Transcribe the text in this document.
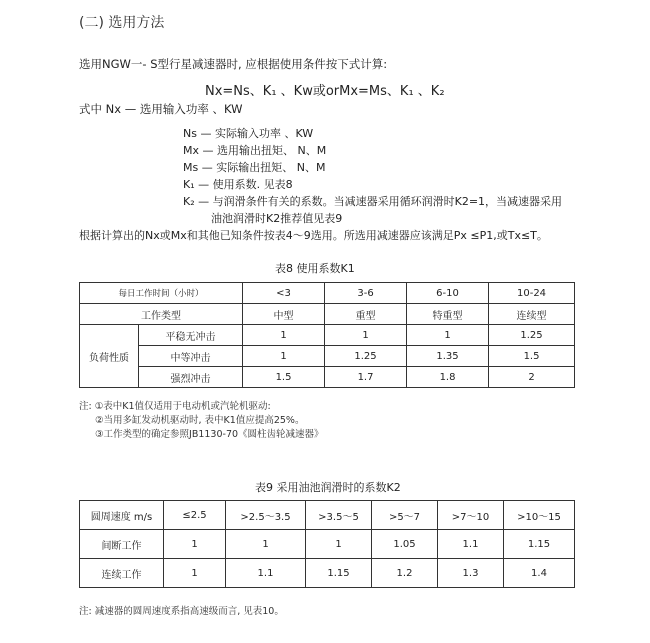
(二) 选用方法
选用NGW一- S型行星减速器时, 应根据使用条件按下式计算:
Nx=Ns、K₁ 、Kw或orMx=Ms、K₁ 、K₂
式中 Nx — 选用输入功率 、KW
Ns — 实际输入功率 、KW
Mx — 选用输出扭矩、 N、M
Ms — 实际输出扭矩、 N、M
K₁ — 使用系数. 见表8
K₂ — 与润滑条件有关的系数。当减速器采用循环润滑时K2=1，当减速器采用
油池润滑时K2推荐值见表9
根据计算出的Nx或Mx和其他已知条件按表4～9选用。所选用减速器应该满足Px ≤P1,或Tx≤T。
表8 使用系数K1
每日工作时间（小时）		<3	3-6	6-10	10-24
工作类型		中型	重型	特重型	连续型
负荷性质	平稳无冲击	1	1	1	1.25
	中等冲击	1	1.25	1.35	1.5
	强烈冲击	1.5	1.7	1.8	2
注: ①表中K1值仅适用于电动机或汽轮机驱动:
②当用多缸发动机驱动时, 表中K1值应提高25%。
③工作类型的确定参照JB1130-70《圆柱齿轮减速器》
表9 采用油池润滑时的系数K2
圆周速度 m/s	≤2.5	>2.5～3.5	>3.5～5	>5～7	>7～10	>10～15
间断工作	1	1	1	1.05	1.1	1.15
连续工作	1	1.1	1.15	1.2	1.3	1.4
注: 减速器的圆周速度系指高速级而言, 见表10。
